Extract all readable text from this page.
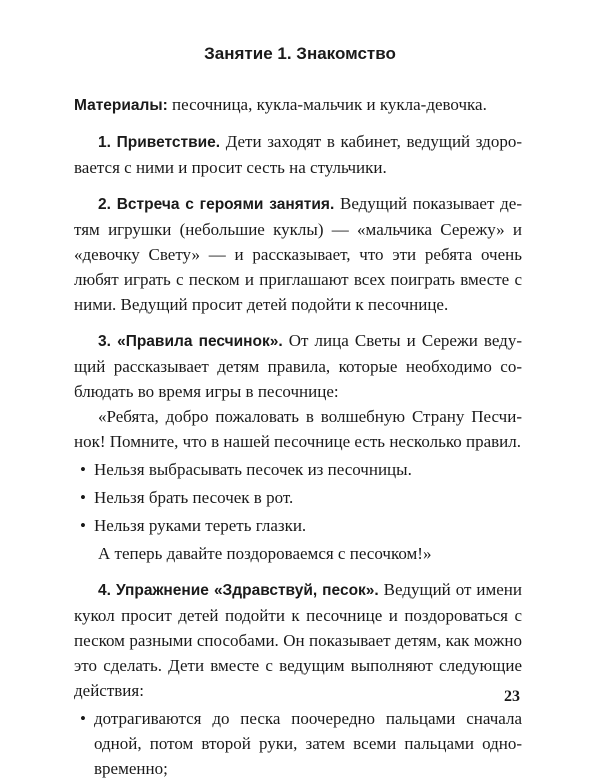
Занятие 1. Знакомство

Материалы: песочница, кукла-мальчик и кукла-девочка.

1. Приветствие. Дети заходят в кабинет, ведущий здоровается с ними и просит сесть на стульчики.

2. Встреча с героями занятия. Ведущий показывает детям игрушки (небольшие куклы) — «мальчика Сережу» и «девочку Свету» — и рассказывает, что эти ребята очень любят играть с песком и приглашают всех поиграть вместе с ними. Ведущий просит детей подойти к песочнице.

3. «Правила песчинок». От лица Светы и Сережи ведущий рассказывает детям правила, которые необходимо соблюдать во время игры в песочнице:

«Ребята, добро пожаловать в волшебную Страну Песчинок! Помните, что в нашей песочнице есть несколько правил.

• Нельзя выбрасывать песочек из песочницы.
• Нельзя брать песочек в рот.
• Нельзя руками тереть глазки.

А теперь давайте поздороваемся с песочком!»

4. Упражнение «Здравствуй, песок». Ведущий от имени кукол просит детей подойти к песочнице и поздороваться с песком разными способами. Он показывает детям, как можно это сделать. Дети вместе с ведущим выполняют следующие действия:

• дотрагиваются до песка поочередно пальцами сначала одной, потом второй руки, затем всеми пальцами одновременно;
23
